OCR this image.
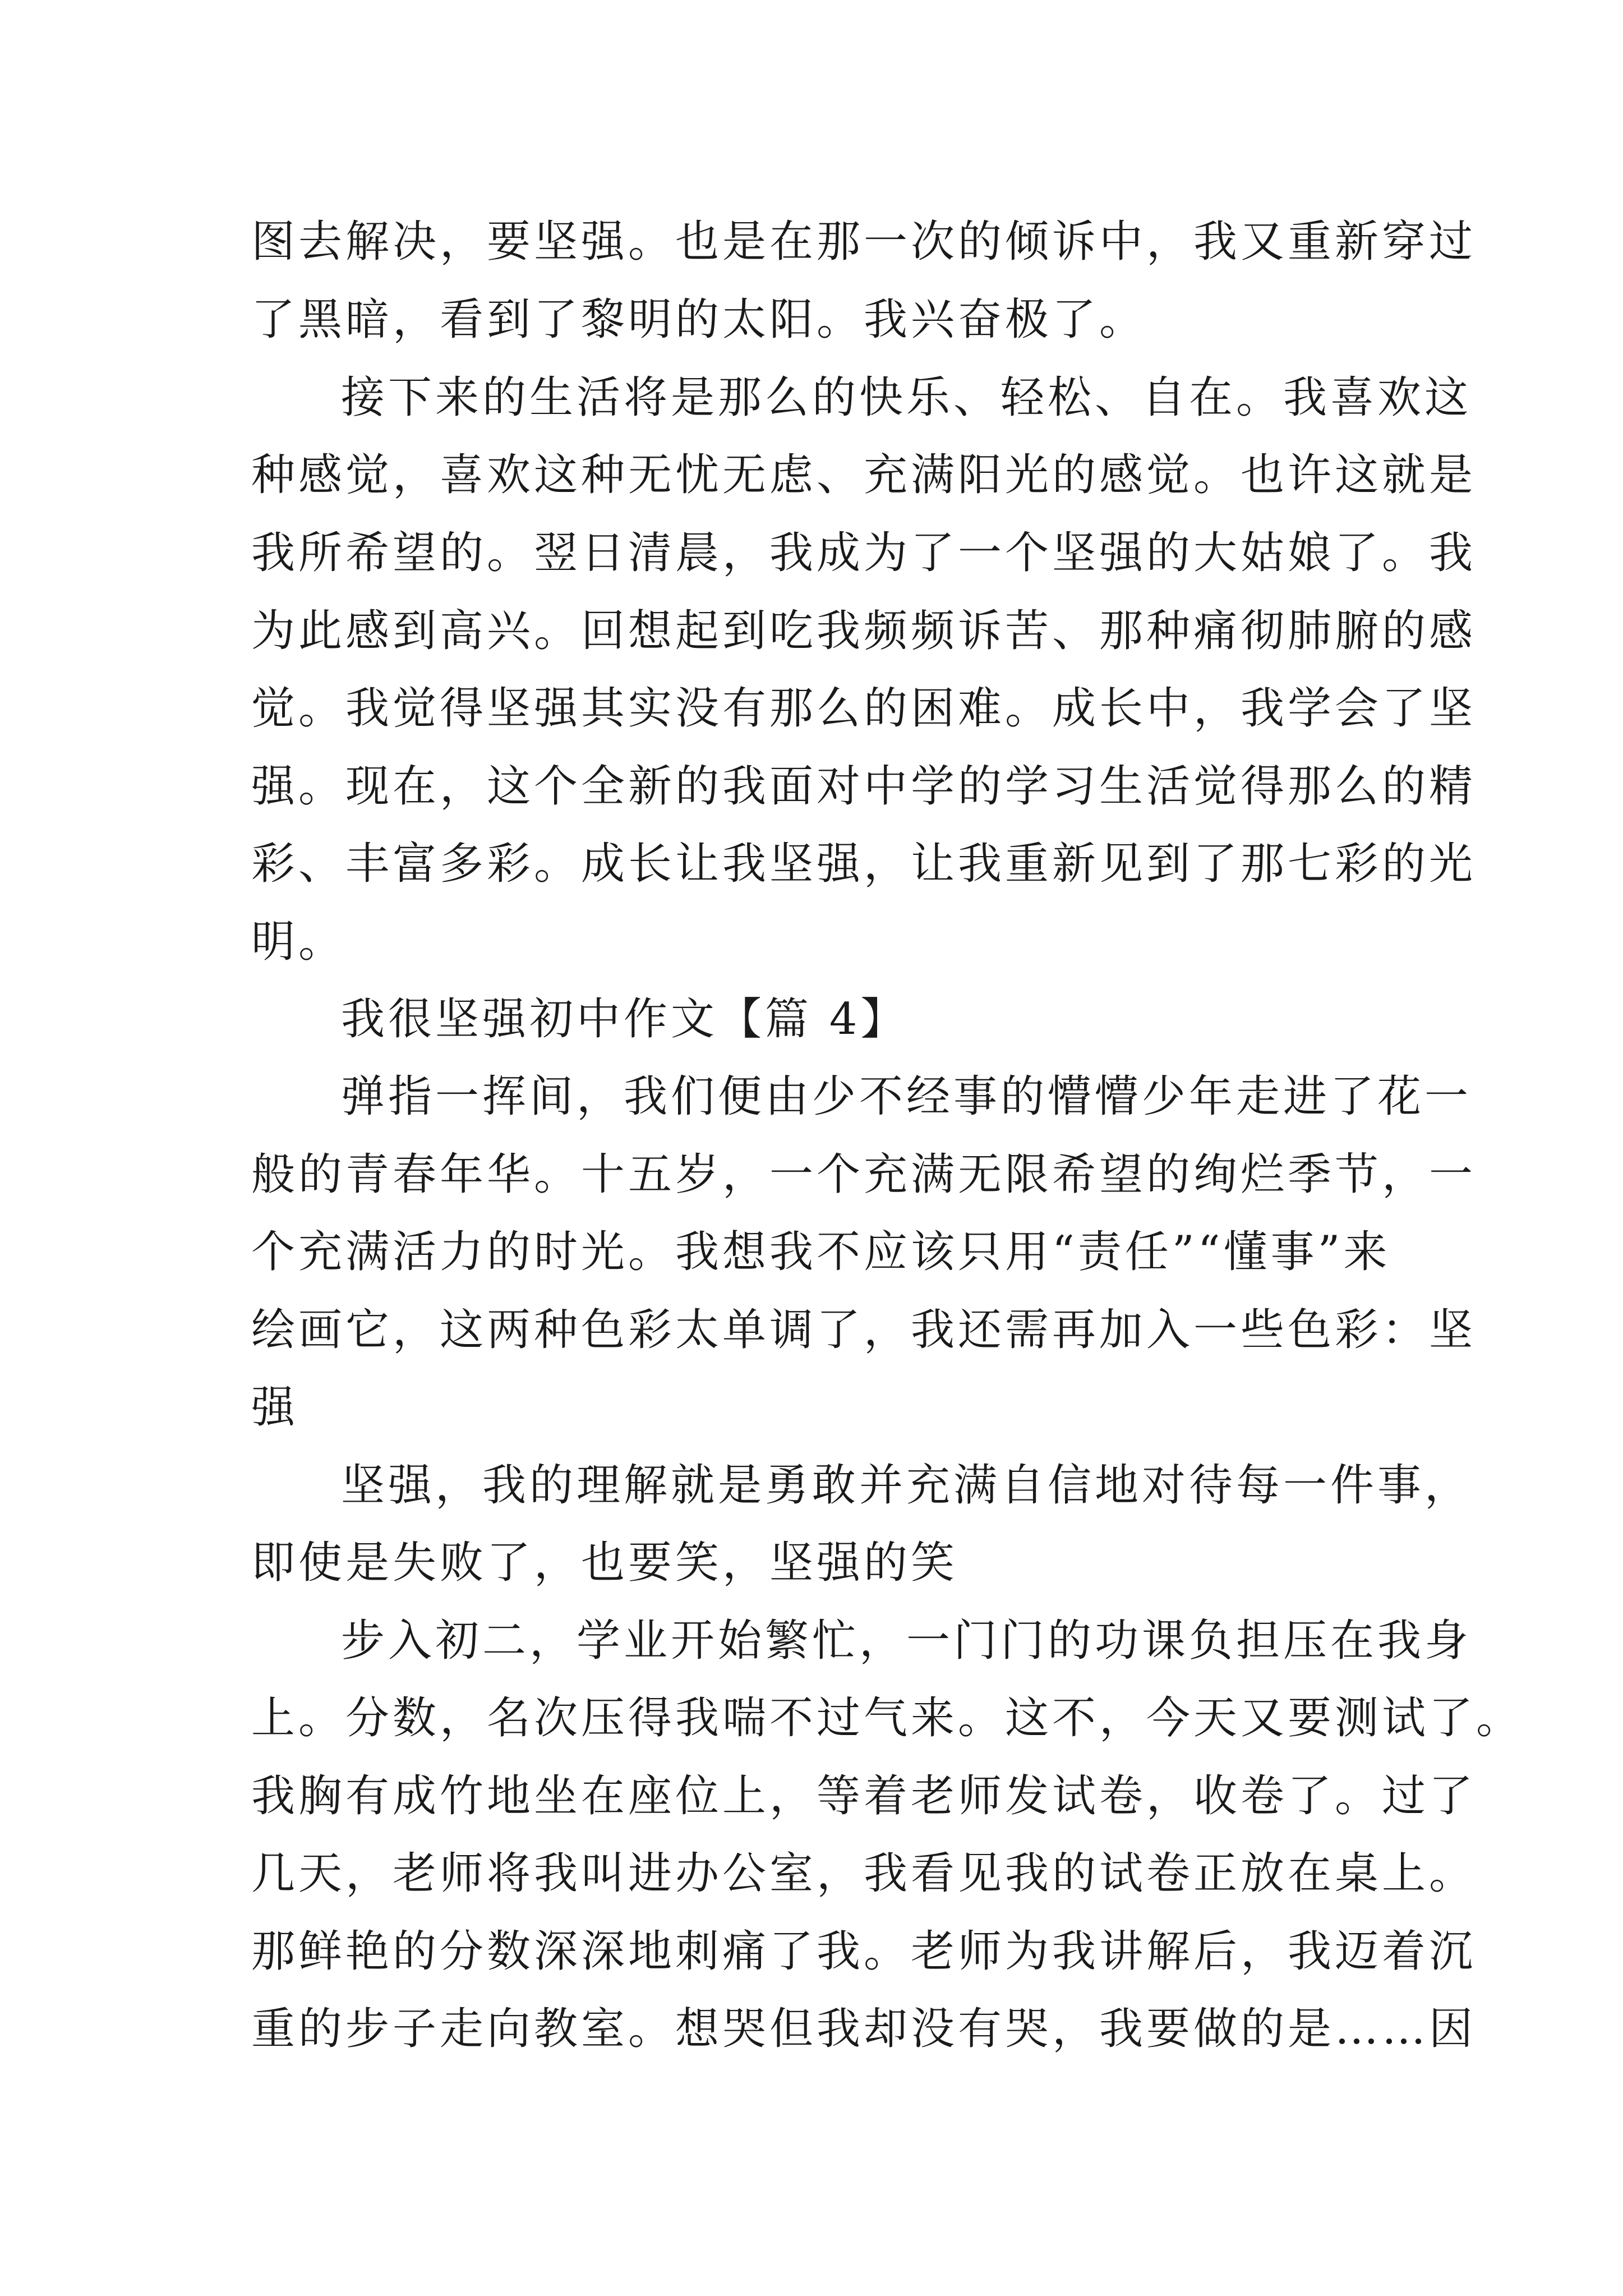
图去解决，要坚强。也是在那一次的倾诉中，我又重新穿过
了黑暗，看到了黎明的太阳。我兴奋极了。
接下来的生活将是那么的快乐、轻松、自在。我喜欢这
种感觉，喜欢这种无忧无虑、充满阳光的感觉。也许这就是
我所希望的。翌日清晨，我成为了一个坚强的大姑娘了。我
为此感到高兴。回想起到吃我频频诉苦、那种痛彻肺腑的感
觉。我觉得坚强其实没有那么的困难。成长中，我学会了坚
强。现在，这个全新的我面对中学的学习生活觉得那么的精
彩、丰富多彩。成长让我坚强，让我重新见到了那七彩的光
明。
我很坚强初中作文【篇 4】
弹指一挥间，我们便由少不经事的懵懵少年走进了花一
般的青春年华。十五岁，一个充满无限希望的绚烂季节，一
个充满活力的时光。我想我不应该只用“责任”“懂事”来
绘画它，这两种色彩太单调了，我还需再加入一些色彩：坚
强
坚强，我的理解就是勇敢并充满自信地对待每一件事，
即使是失败了，也要笑，坚强的笑
步入初二，学业开始繁忙，一门门的功课负担压在我身
上。分数，名次压得我喘不过气来。这不，今天又要测试了。
我胸有成竹地坐在座位上，等着老师发试卷，收卷了。过了
几天，老师将我叫进办公室，我看见我的试卷正放在桌上。
那鲜艳的分数深深地刺痛了我。老师为我讲解后，我迈着沉
重的步子走向教室。想哭但我却没有哭，我要做的是……因
